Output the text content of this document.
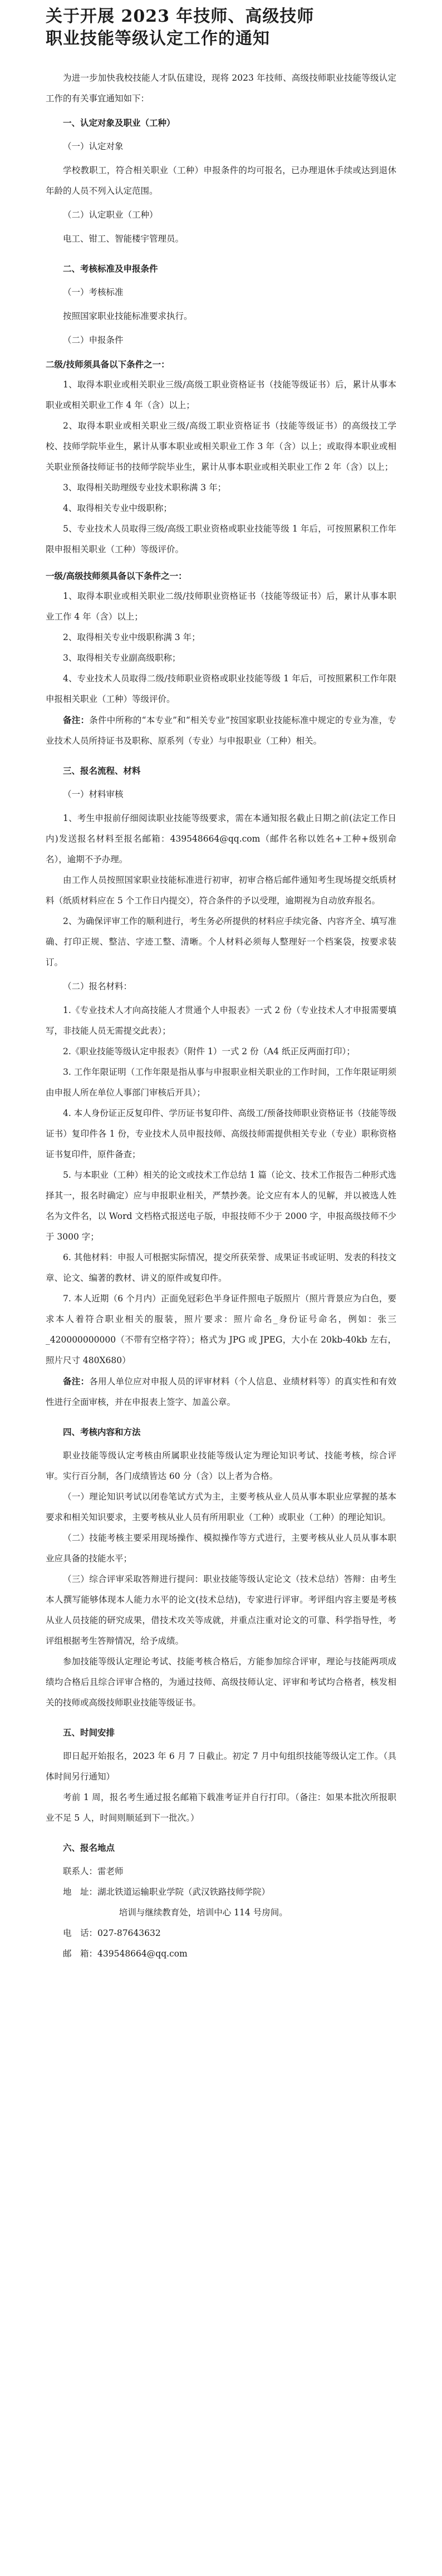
关于开展 2023 年技师、高级技师

职业技能等级认定工作的通知

为进一步加快我校技能人才队伍建设，现将 2023 年技师、高级技师职业技能等级认定工作的有关事宜通知如下：

一、认定对象及职业（工种）

（一）认定对象

学校教职工，符合相关职业（工种）申报条件的均可报名，已办理退休手续或达到退休年龄的人员不列入认定范围。

（二）认定职业（工种）

电工、钳工、智能楼宇管理员。

二、考核标准及申报条件

（一）考核标准

按照国家职业技能标准要求执行。

（二）申报条件

二级/技师须具备以下条件之一：

1、取得本职业或相关职业三级/高级工职业资格证书（技能等级证书）后，累计从事本职业或相关职业工作 4 年（含）以上；

2、取得本职业或相关职业三级/高级工职业资格证书（技能等级证书）的高级技工学校、技师学院毕业生，累计从事本职业或相关职业工作 3 年（含）以上；或取得本职业或相关职业预备技师证书的技师学院毕业生，累计从事本职业或相关职业工作 2 年（含）以上；

3、取得相关助理级专业技术职称满 3 年；

4、取得相关专业中级职称；

5、专业技术人员取得三级/高级工职业资格或职业技能等级 1 年后，可按照累积工作年限申报相关职业（工种）等级评价。

一级/高级技师须具备以下条件之一：

1、取得本职业或相关职业二级/技师职业资格证书（技能等级证书）后，累计从事本职业工作 4 年（含）以上；

2、取得相关专业中级职称满 3 年；

3、取得相关专业副高级职称；

4、专业技术人员取得二级/技师职业资格或职业技能等级 1 年后，可按照累积工作年限申报相关职业（工种）等级评价。

备注：条件中所称的“本专业”和“相关专业”按国家职业技能标准中规定的专业为准，专业技术人员所持证书及职称、原系列（专业）与申报职业（工种）相关。

三、报名流程、材料

（一）材料审核

1、考生申报前仔细阅读职业技能等级要求，需在本通知报名截止日期之前(法定工作日内)发送报名材料至报名邮箱：439548664@qq.com（邮件名称以姓名+工种+级别命名），逾期不予办理。

由工作人员按照国家职业技能标准进行初审，初审合格后邮件通知考生现场提交纸质材料（纸质材料应在 5 个工作日内提交），符合条件的予以受理，逾期视为自动放弃报名。

2、为确保评审工作的顺利进行，考生务必所提供的材料应手续完备、内容齐全、填写准确、打印正规、整洁、字迹工整、清晰。个人材料必须每人整理好一个档案袋，按要求装订。

（二）报名材料：

1.《专业技术人才向高技能人才贯通个人申报表》一式 2 份（专业技术人才申报需要填写，非技能人员无需提交此表）；

2.《职业技能等级认定申报表》（附件 1）一式 2 份（A4 纸正反两面打印）；

3. 工作年限证明（工作年限是指从事与申报职业相关职业的工作时间，工作年限证明须由申报人所在单位人事部门审核后开具）；

4. 本人身份证正反复印件、学历证书复印件、高级工/预备技师职业资格证书（技能等级证书）复印件各 1 份，专业技术人员申报技师、高级技师需提供相关专业（专业）职称资格证书复印件，原件备查；

5. 与本职业（工种）相关的论文或技术工作总结 1 篇（论文、技术工作报告二种形式选择其一，报名时确定）应与申报职业相关，严禁抄袭。论文应有本人的见解，并以被选人姓名为文件名，以 Word 文档格式报送电子版，申报技师不少于 2000 字，申报高级技师不少于 3000 字；

6. 其他材料：申报人可根据实际情况，提交所获荣誉、成果证书或证明、发表的科技文章、论文、编著的教材、讲义的原件或复印件。

7. 本人近期（6 个月内）正面免冠彩色半身证件照电子版照片（照片背景应为白色，要求本人着符合职业相关的服装，照片要求：照片命名_身份证号命名，例如：张三_420000000000（不带有空格字符）；格式为 JPG 或 JPEG，大小在 20kb-40kb 左右，照片尺寸 480X680）

备注：各用人单位应对申报人员的评审材料（个人信息、业绩材料等）的真实性和有效性进行全面审核，并在申报表上签字、加盖公章。

四、考核内容和方法

职业技能等级认定考核由所属职业技能等级认定为理论知识考试、技能考核，综合评审。实行百分制，各门成绩皆达 60 分（含）以上者为合格。

（一）理论知识考试以闭卷笔试方式为主，主要考核从业人员从事本职业应掌握的基本要求和相关知识要求，主要考核从业人员有所用职业（工种）或职业（工种）的理论知识。

（二）技能考核主要采用现场操作、模拟操作等方式进行，主要考核从业人员从事本职业应具备的技能水平；

（三）综合评审采取答辩进行提问：职业技能等级认定论文（技术总结）答辩：由考生本人撰写能够体现本人能力水平的论文(技术总结)，专家进行评审。考评组内容主要是考核从业人员技能的研究成果，借技术攻关等成就，并重点注重对论文的可靠、科学指导性，考评组根据考生答辩情况，给予成绩。

参加技能等级认定理论考试、技能考核合格后，方能参加综合评审，理论与技能两项成绩均合格后且综合评审合格的，为通过技师、高级技师认定、评审和考试均合格者，核发相关的技师或高级技师职业技能等级证书。

五、时间安排

即日起开始报名，2023 年 6 月 7 日截止。初定 7 月中旬组织技能等级认定工作。（具体时间另行通知）

考前 1 周，报名考生通过报名邮箱下载准考证并自行打印。（备注：如果本批次所报职业不足 5 人，时间则顺延到下一批次。）

六、报名地点

联系人：雷老师

地　址：湖北铁道运输职业学院（武汉铁路技师学院）

培训与继续教育处，培训中心 114 号房间。

电　话：027-87643632

邮　箱：439548664@qq.com
